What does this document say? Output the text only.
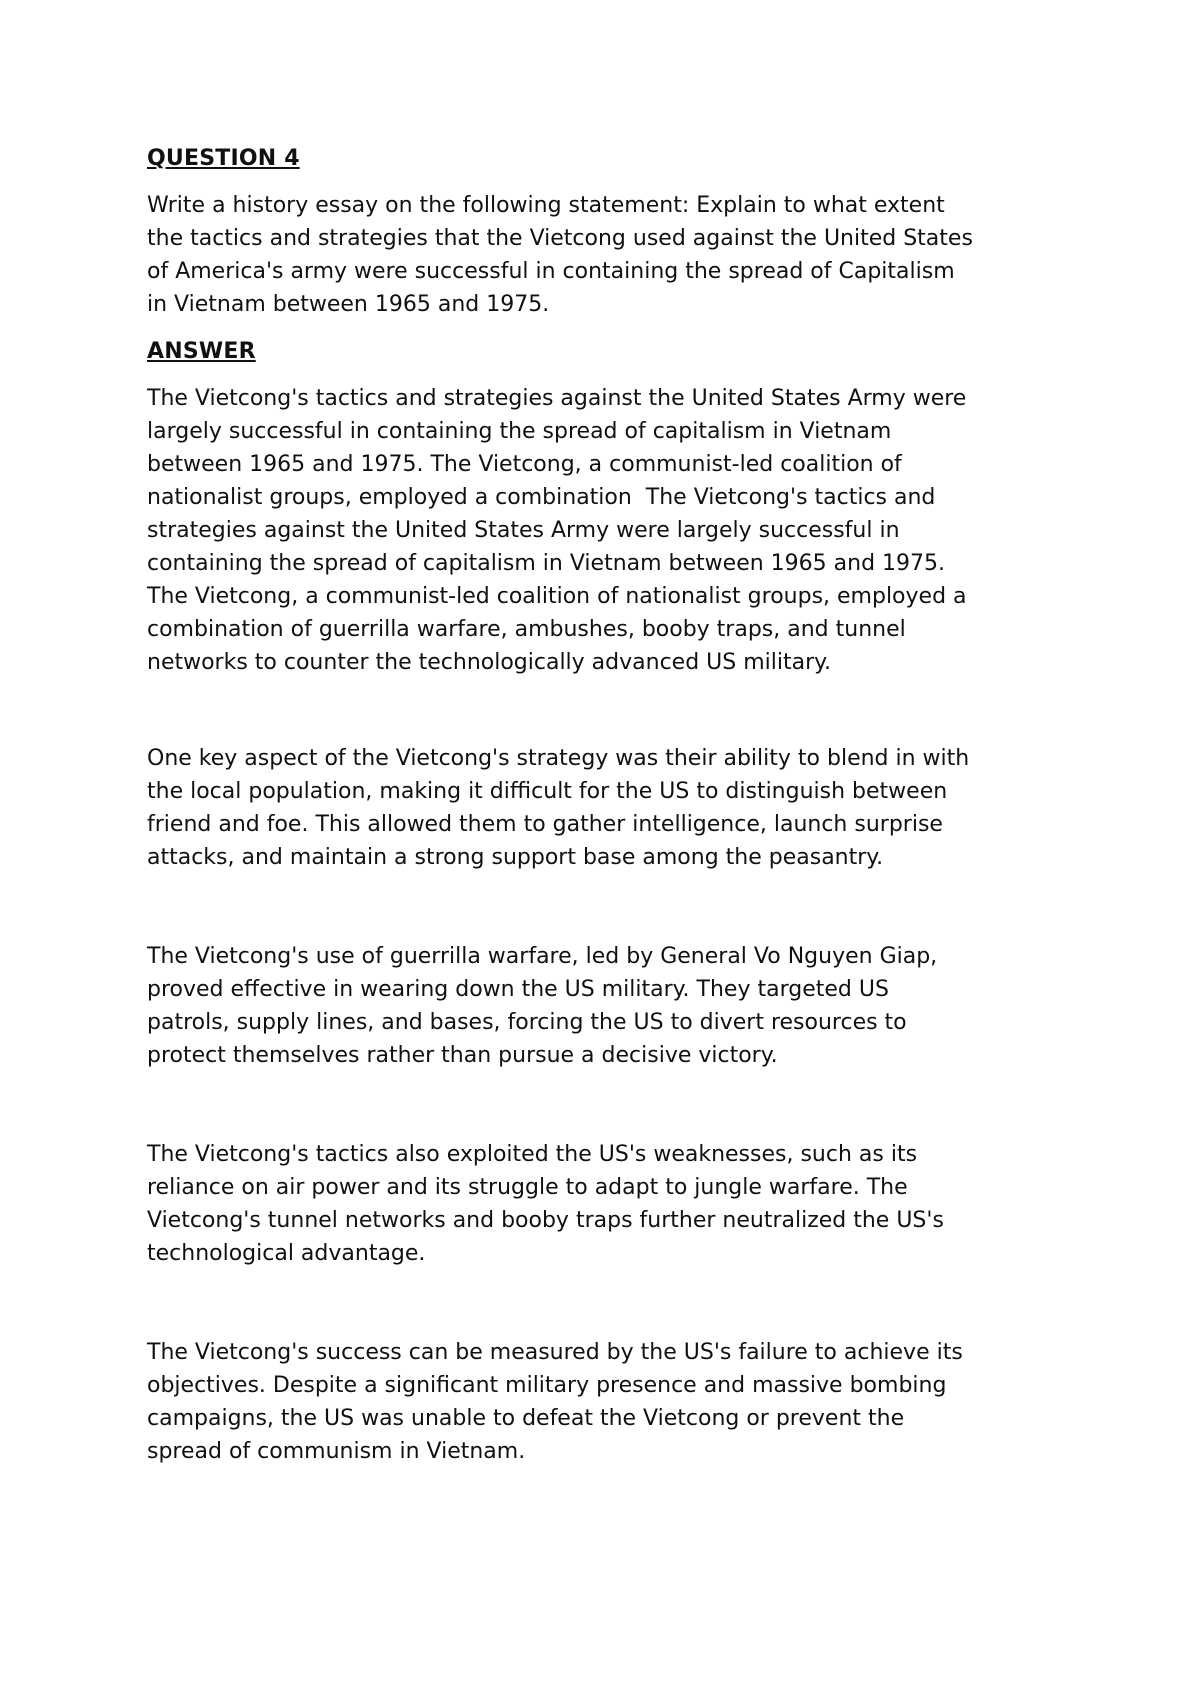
QUESTION 4

Write a history essay on the following statement: Explain to what extent
the tactics and strategies that the Vietcong used against the United States
of America's army were successful in containing the spread of Capitalism
in Vietnam between 1965 and 1975.

ANSWER

The Vietcong's tactics and strategies against the United States Army were
largely successful in containing the spread of capitalism in Vietnam
between 1965 and 1975. The Vietcong, a communist-led coalition of
nationalist groups, employed a combination  The Vietcong's tactics and
strategies against the United States Army were largely successful in
containing the spread of capitalism in Vietnam between 1965 and 1975.
The Vietcong, a communist-led coalition of nationalist groups, employed a
combination of guerrilla warfare, ambushes, booby traps, and tunnel
networks to counter the technologically advanced US military.

One key aspect of the Vietcong's strategy was their ability to blend in with
the local population, making it difficult for the US to distinguish between
friend and foe. This allowed them to gather intelligence, launch surprise
attacks, and maintain a strong support base among the peasantry.

The Vietcong's use of guerrilla warfare, led by General Vo Nguyen Giap,
proved effective in wearing down the US military. They targeted US
patrols, supply lines, and bases, forcing the US to divert resources to
protect themselves rather than pursue a decisive victory.

The Vietcong's tactics also exploited the US's weaknesses, such as its
reliance on air power and its struggle to adapt to jungle warfare. The
Vietcong's tunnel networks and booby traps further neutralized the US's
technological advantage.

The Vietcong's success can be measured by the US's failure to achieve its
objectives. Despite a significant military presence and massive bombing
campaigns, the US was unable to defeat the Vietcong or prevent the
spread of communism in Vietnam.
